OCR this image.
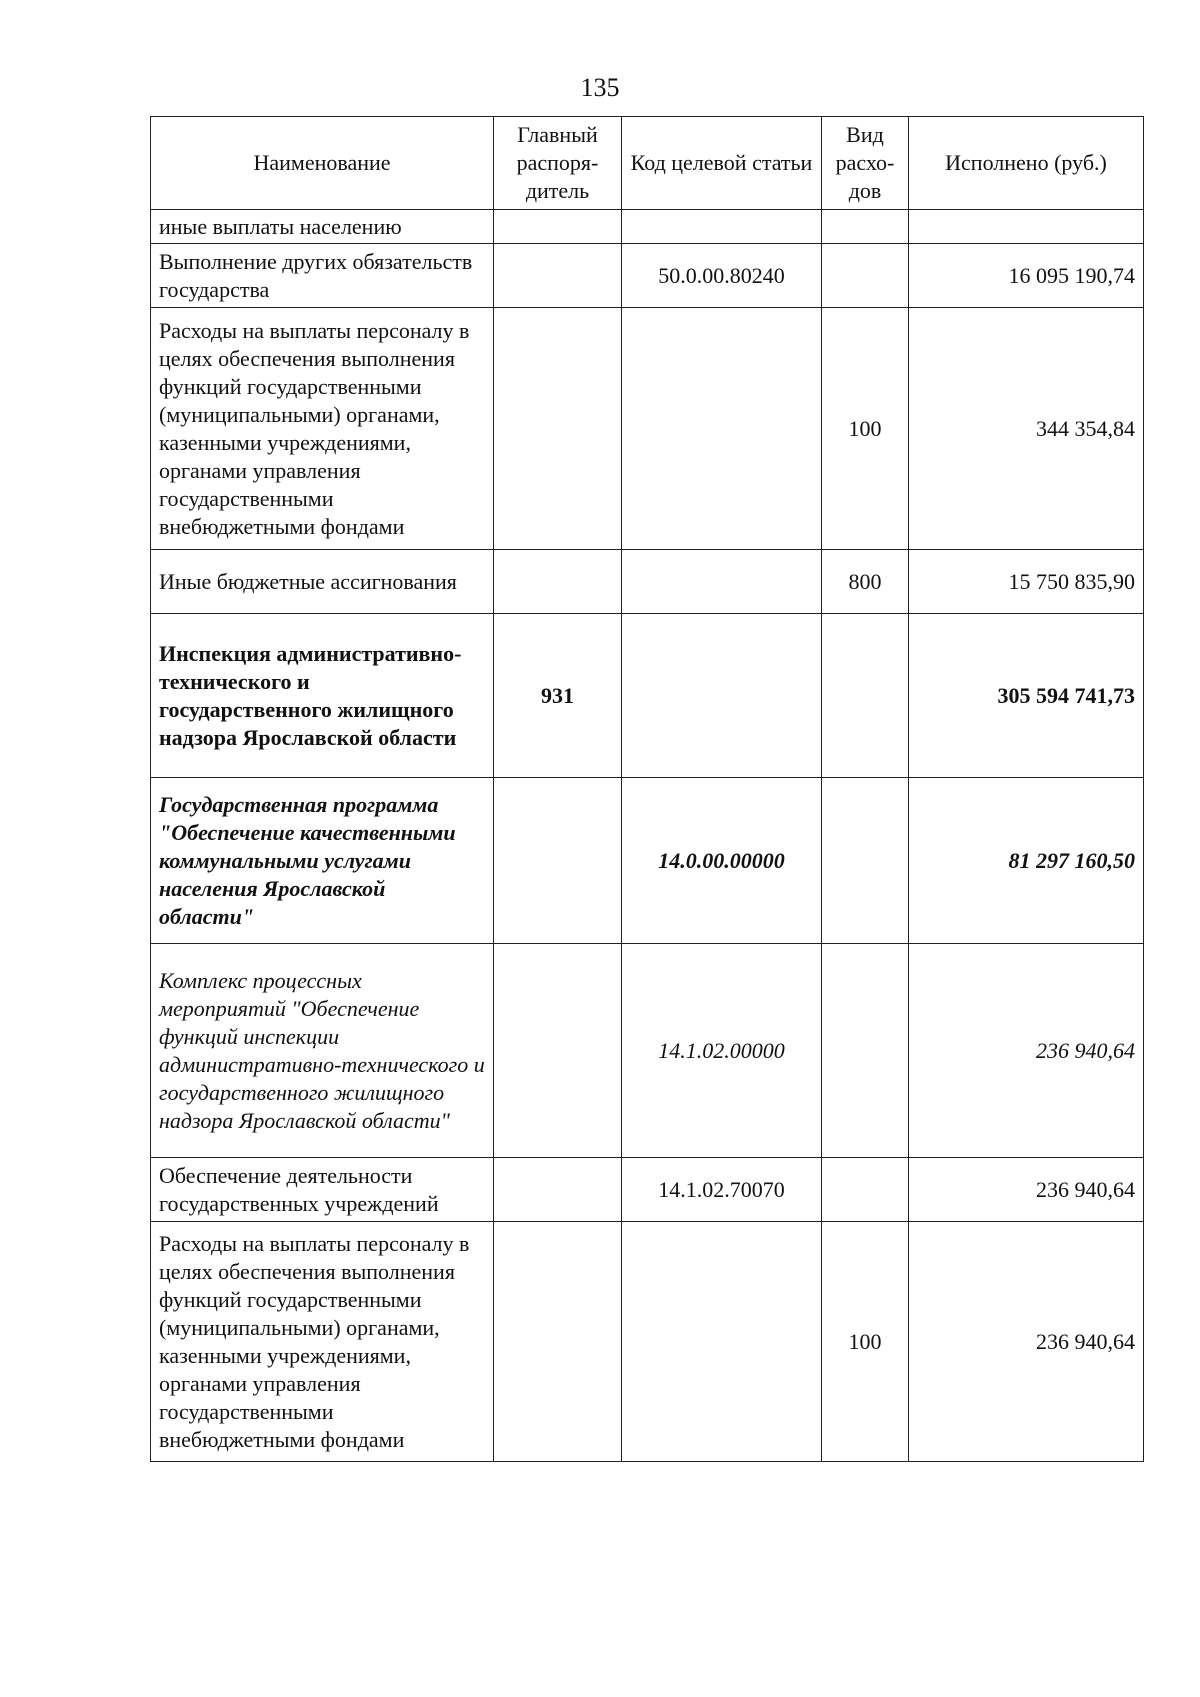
135
Наименование	Главный распоря-дитель	Код целевой статьи	Вид расхо-дов	Исполнено (руб.)
иные выплаты населению				
Выполнение других обязательств государства		50.0.00.80240		16 095 190,74
Расходы на выплаты персоналу в целях обеспечения выполнения функций государственными (муниципальными) органами, казенными учреждениями, органами управления государственными внебюджетными фондами			100	344 354,84
Иные бюджетные ассигнования			800	15 750 835,90
Инспекция административно-технического и государственного жилищного надзора Ярославской области	931			305 594 741,73
Государственная программа "Обеспечение качественными коммунальными услугами населения Ярославской области"		14.0.00.00000		81 297 160,50
Комплекс процессных мероприятий "Обеспечение функций инспекции административно-технического и государственного жилищного надзора Ярославской области"		14.1.02.00000		236 940,64
Обеспечение деятельности государственных учреждений		14.1.02.70070		236 940,64
Расходы на выплаты персоналу в целях обеспечения выполнения функций государственными (муниципальными) органами, казенными учреждениями, органами управления государственными внебюджетными фондами			100	236 940,64
